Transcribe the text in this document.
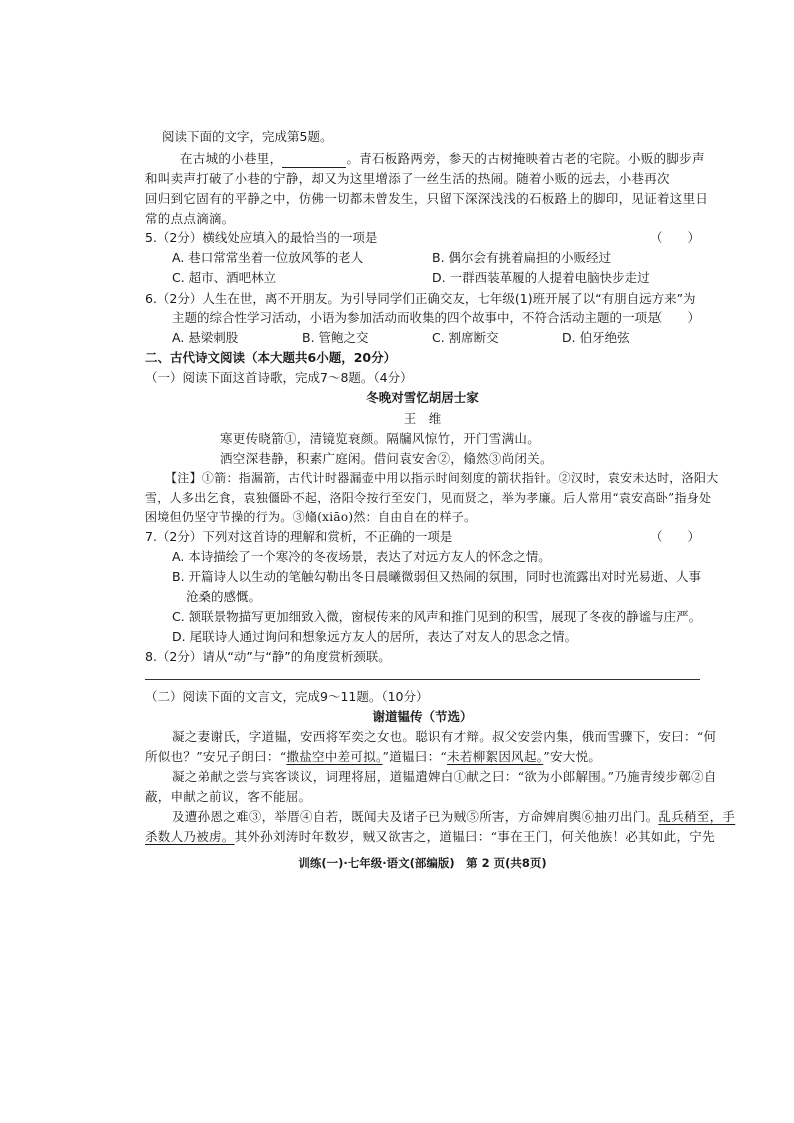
阅读下面的文字，完成第5题。
在古城的小巷里，	。青石板路两旁，参天的古树掩映着古老的宅院。小贩的脚步声
和叫卖声打破了小巷的宁静，却又为这里增添了一丝生活的热闹。随着小贩的远去，小巷再次
回归到它固有的平静之中，仿佛一切都未曾发生，只留下深深浅浅的石板路上的脚印，见证着这里日
常的点点滴滴。
5.（2分）横线处应填入的最恰当的一项是	（　　）
A. 巷口常常坐着一位放风筝的老人	B. 偶尔会有挑着扁担的小贩经过
C. 超市、酒吧林立	D. 一群西装革履的人提着电脑快步走过
6.（2分）人生在世，离不开朋友。为引导同学们正确交友，七年级(1)班开展了以“有朋自远方来”为
主题的综合性学习活动，小语为参加活动而收集的四个故事中，不符合活动主题的一项是
（　　）
A. 悬梁刺股	B. 管鲍之交	C. 割席断交	D. 伯牙绝弦
二、古代诗文阅读（本大题共6小题，20分）
（一）阅读下面这首诗歌，完成7～8题。（4分）
冬晚对雪忆胡居士家
王　维
寒更传晓箭①，清镜览衰颜。隔牖风惊竹，开门雪满山。
洒空深巷静，积素广庭闲。借问袁安舍②，翛然③尚闭关。
【注】①箭：指漏箭，古代计时器漏壶中用以指示时间刻度的箭状指针。②汉时，袁安未达时，洛阳大
雪，人多出乞食，袁独僵卧不起，洛阳令按行至安门，见而贤之，举为孝廉。后人常用“袁安高卧”指身处
困境但仍坚守节操的行为。③翛(xiāo)然：自由自在的样子。
7.（2分）下列对这首诗的理解和赏析，不正确的一项是	（　　）
A. 本诗描绘了一个寒冷的冬夜场景，表达了对远方友人的怀念之情。
B. 开篇诗人以生动的笔触勾勒出冬日晨曦微弱但又热闹的氛围，同时也流露出对时光易逝、人事
沧桑的感慨。
C. 颔联景物描写更加细致入微，窗棂传来的风声和推门见到的积雪，展现了冬夜的静谧与庄严。
D. 尾联诗人通过询问和想象远方友人的居所，表达了对友人的思念之情。
8.（2分）请从“动”与“静”的角度赏析颈联。
（二）阅读下面的文言文，完成9～11题。（10分）
谢道韫传（节选）
凝之妻谢氏，字道韫，安西将军奕之女也。聪识有才辩。叔父安尝内集，俄而雪骤下，安曰：“何
所似也？”安兄子朗曰：“撒盐空中差可拟。”道韫曰：“未若柳絮因风起。”安大悦。
凝之弟献之尝与宾客谈议，词理将屈，道韫遣婢白①献之曰：“欲为小郎解围。”乃施青绫步鄣②自
蔽，申献之前议，客不能屈。
及遭孙恩之难③，举厝④自若，既闻夫及诸子已为贼⑤所害，方命婢肩舆⑥抽刃出门。乱兵稍至，手
杀数人乃被虏。其外孙刘涛时年数岁，贼又欲害之，道韫曰：“事在王门，何关他族！必其如此，宁先
训练(一)·七年级·语文(部编版)　第 2 页(共8页)
